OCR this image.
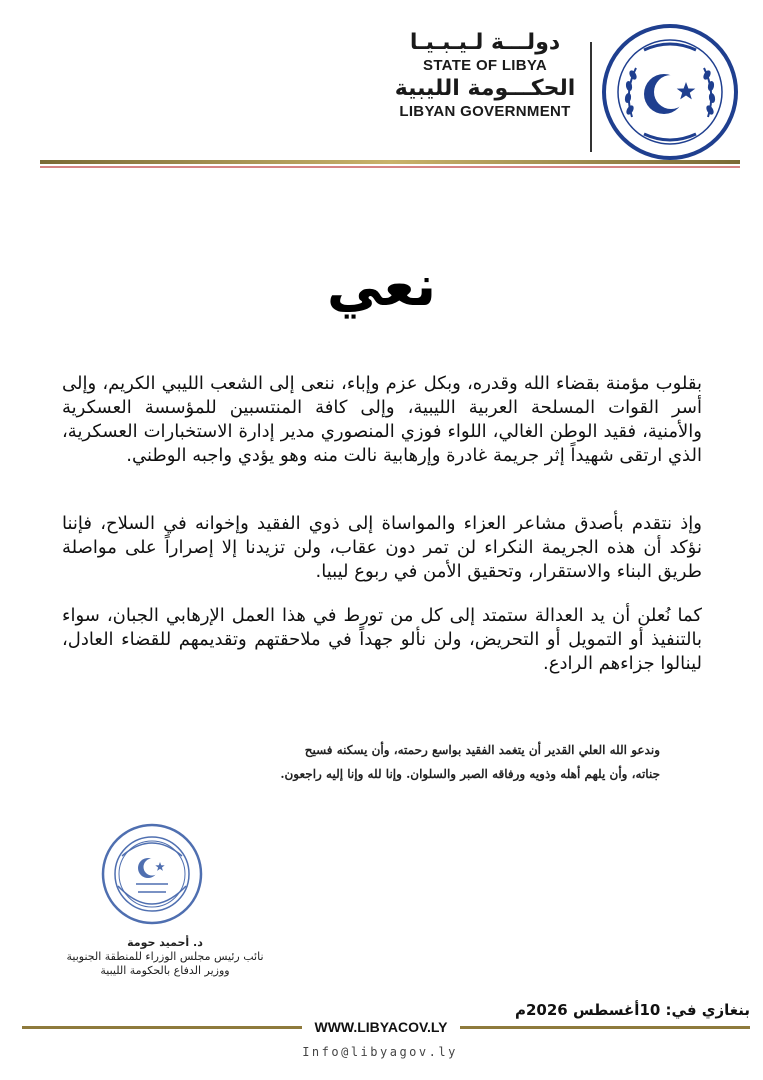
دولـــة لـيـبـيـا
STATE OF LIBYA
الحكـــومة الليبية
LIBYAN GOVERNMENT
نعي
بقلوب مؤمنة بقضاء الله وقدره، وبكل عزم وإباء، ننعى إلى الشعب الليبي الكريم، وإلى أسر القوات المسلحة العربية الليبية، وإلى كافة المنتسبين للمؤسسة العسكرية والأمنية، فقيد الوطن الغالي، اللواء فوزي المنصوري مدير إدارة الاستخبارات العسكرية، الذي ارتقى شهيداً إثر جريمة غادرة وإرهابية نالت منه وهو يؤدي واجبه الوطني.
وإذ نتقدم بأصدق مشاعر العزاء والمواساة إلى ذوي الفقيد وإخوانه في السلاح، فإننا نؤكد أن هذه الجريمة النكراء لن تمر دون عقاب، ولن تزيدنا إلا إصراراً على مواصلة طريق البناء والاستقرار، وتحقيق الأمن في ربوع ليبيا.
كما نُعلن أن يد العدالة ستمتد إلى كل من تورط في هذا العمل الإرهابي الجبان، سواء بالتنفيذ أو التمويل أو التحريض، ولن نألو جهداً في ملاحقتهم وتقديمهم للقضاء العادل، لينالوا جزاءهم الرادع.
وندعو الله العلي القدير أن يتغمد الفقيد بواسع رحمته، وأن يسكنه فسيح
جناته، وأن يلهم أهله وذويه ورفاقه الصبر والسلوان. وإنا لله وإنا إليه راجعون.
د. أحميد حومة
نائب رئيس مجلس الوزراء للمنطقة الجنوبية
ووزير الدفاع بالحكومة الليبية
بنغازي في: 10أغسطس 2026م
WWW.LIBYACOV.LY
Info@libyagov.ly
